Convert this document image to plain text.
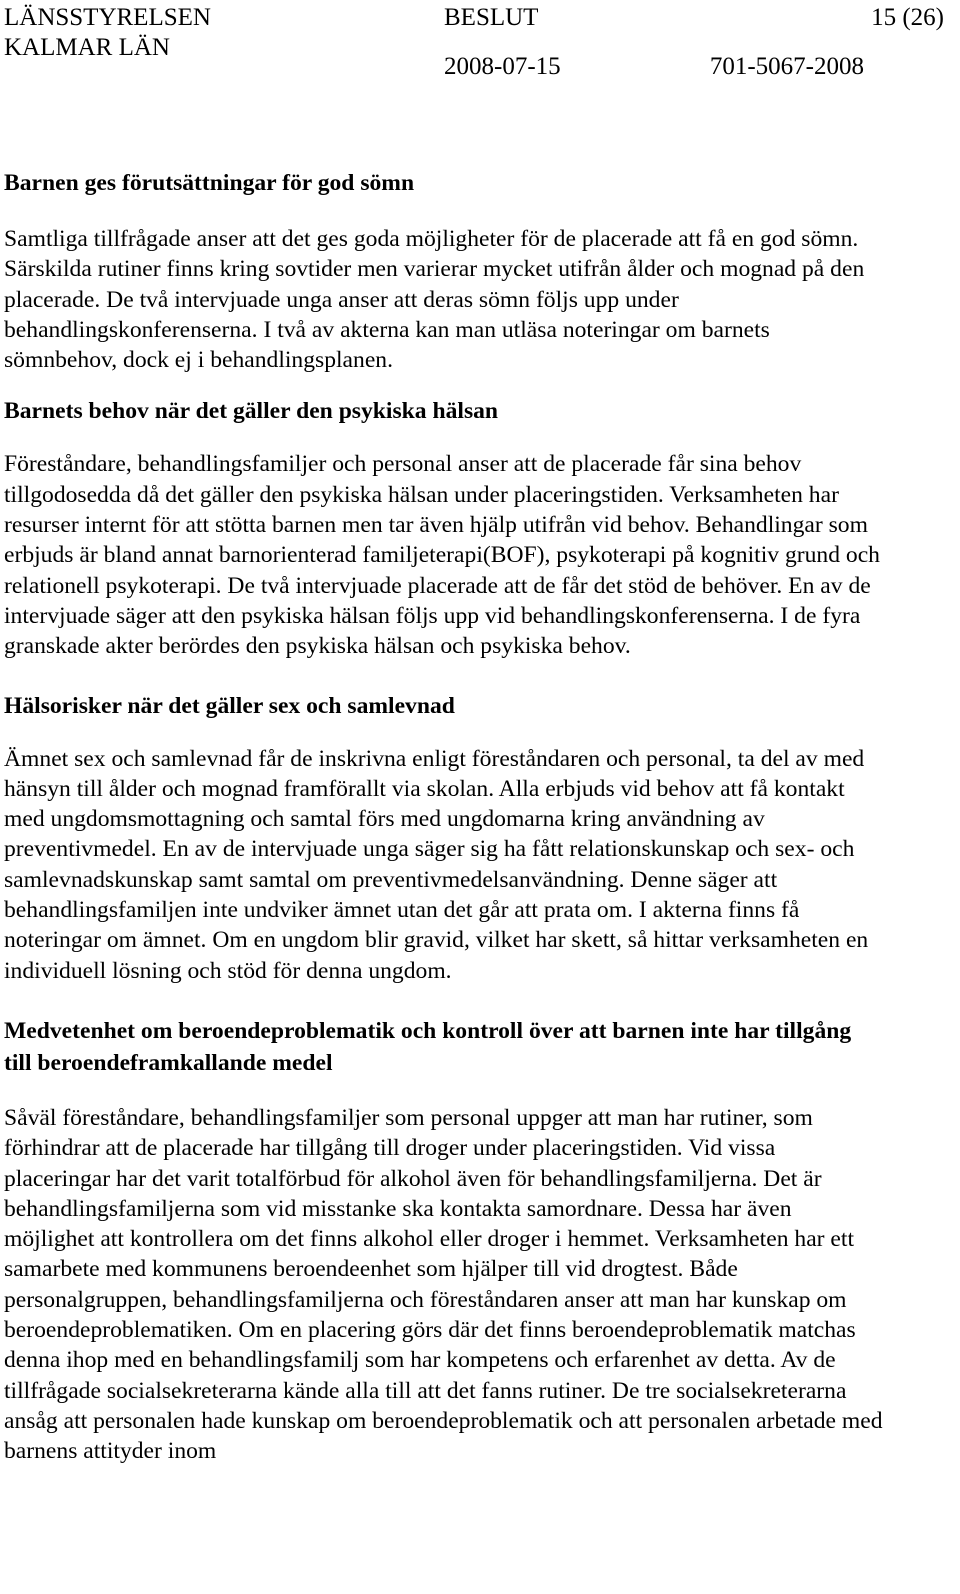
LÄNSSTYRELSEN
KALMAR LÄN
BESLUT
2008-07-15
15 (26)
701-5067-2008
Barnen ges förutsättningar för god sömn

Samtliga tillfrågade anser att det ges goda möjligheter för de placerade att få en god sömn. Särskilda rutiner finns kring sovtider men varierar mycket utifrån ålder och mognad på den placerade. De två intervjuade unga anser att deras sömn följs upp under behandlingskonferenserna. I två av akterna kan man utläsa noteringar om barnets sömnbehov, dock ej i behandlingsplanen.

Barnets behov när det gäller den psykiska hälsan

Föreståndare, behandlingsfamiljer och personal anser att de placerade får sina behov tillgodosedda då det gäller den psykiska hälsan under placeringstiden. Verksamheten har resurser internt för att stötta barnen men tar även hjälp utifrån vid behov. Behandlingar som erbjuds är bland annat barnorienterad familjeterapi(BOF), psykoterapi på kognitiv grund och relationell psykoterapi. De två intervjuade placerade att de får det stöd de behöver. En av de intervjuade säger att den psykiska hälsan följs upp vid behandlingskonferenserna. I de fyra granskade akter berördes den psykiska hälsan och psykiska behov.

Hälsorisker när det gäller sex och samlevnad

Ämnet sex och samlevnad får de inskrivna enligt föreståndaren och personal, ta del av med hänsyn till ålder och mognad framförallt via skolan. Alla erbjuds vid behov att få kontakt med ungdomsmottagning och samtal förs med ungdomarna kring användning av preventivmedel. En av de intervjuade unga säger sig ha fått relationskunskap och sex- och samlevnadskunskap samt samtal om preventivmedelsanvändning. Denne säger att behandlingsfamiljen inte undviker ämnet utan det går att prata om. I akterna finns få noteringar om ämnet. Om en ungdom blir gravid, vilket har skett, så hittar verksamheten en individuell lösning och stöd för denna ungdom.

Medvetenhet om beroendeproblematik och kontroll över att barnen inte har tillgång till beroendeframkallande medel

Såväl föreståndare, behandlingsfamiljer som personal uppger att man har rutiner, som förhindrar att de placerade har tillgång till droger under placeringstiden. Vid vissa placeringar har det varit totalförbud för alkohol även för behandlingsfamiljerna. Det är behandlingsfamiljerna som vid misstanke ska kontakta samordnare. Dessa har även möjlighet att kontrollera om det finns alkohol eller droger i hemmet. Verksamheten har ett samarbete med kommunens beroendeenhet som hjälper till vid drogtest. Både personalgruppen, behandlingsfamiljerna och föreståndaren anser att man har kunskap om beroendeproblematiken. Om en placering görs där det finns beroendeproblematik matchas denna ihop med en behandlingsfamilj som har kompetens och erfarenhet av detta. Av de tillfrågade socialsekreterarna kände alla till att det fanns rutiner. De tre socialsekreterarna ansåg att personalen hade kunskap om beroendeproblematik och att personalen arbetade med barnens attityder inom
